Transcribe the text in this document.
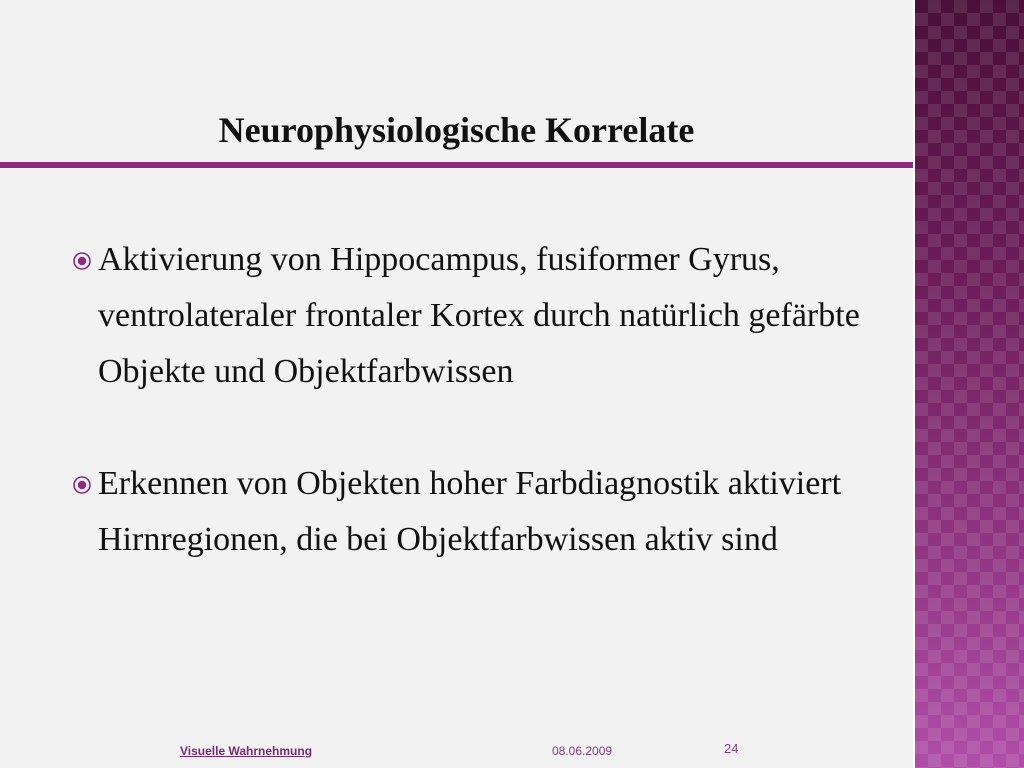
Neurophysiologische Korrelate
Aktivierung von Hippocampus, fusiformer Gyrus, ventrolateraler frontaler Kortex durch natürlich gefärbte Objekte und Objektfarbwissen
Erkennen von Objekten hoher Farbdiagnostik aktiviert Hirnregionen, die bei Objektfarbwissen aktiv sind
Visuelle Wahrnehmung	08.06.2009	24
